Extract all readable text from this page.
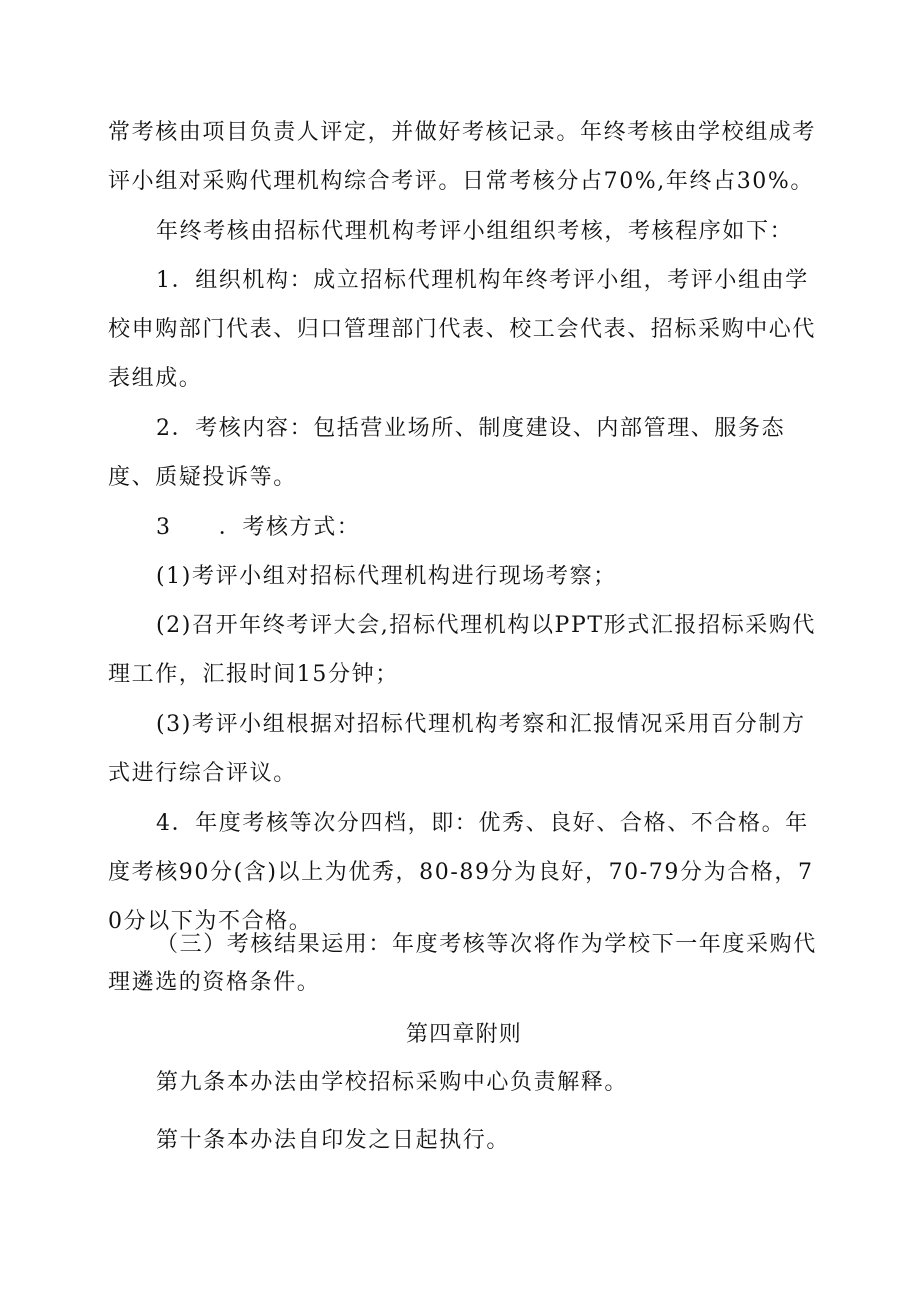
常考核由项目负责人评定，并做好考核记录。年终考核由学校组成考评小组对采购代理机构综合考评。日常考核分占70%,年终占30%。
年终考核由招标代理机构考评小组组织考核，考核程序如下：
1．组织机构：成立招标代理机构年终考评小组，考评小组由学校申购部门代表、归口管理部门代表、校工会代表、招标采购中心代表组成。
2．考核内容：包括营业场所、制度建设、内部管理、服务态度、质疑投诉等。
3　　．考核方式：
(1)考评小组对招标代理机构进行现场考察；
(2)召开年终考评大会,招标代理机构以PPT形式汇报招标采购代理工作，汇报时间15分钟；
(3)考评小组根据对招标代理机构考察和汇报情况采用百分制方式进行综合评议。
4．年度考核等次分四档，即：优秀、良好、合格、不合格。年度考核90分(含)以上为优秀，80-89分为良好，70-79分为合格，70分以下为不合格。
（三）考核结果运用：年度考核等次将作为学校下一年度采购代理遴选的资格条件。
第四章附则
第九条本办法由学校招标采购中心负责解释。
第十条本办法自印发之日起执行。
